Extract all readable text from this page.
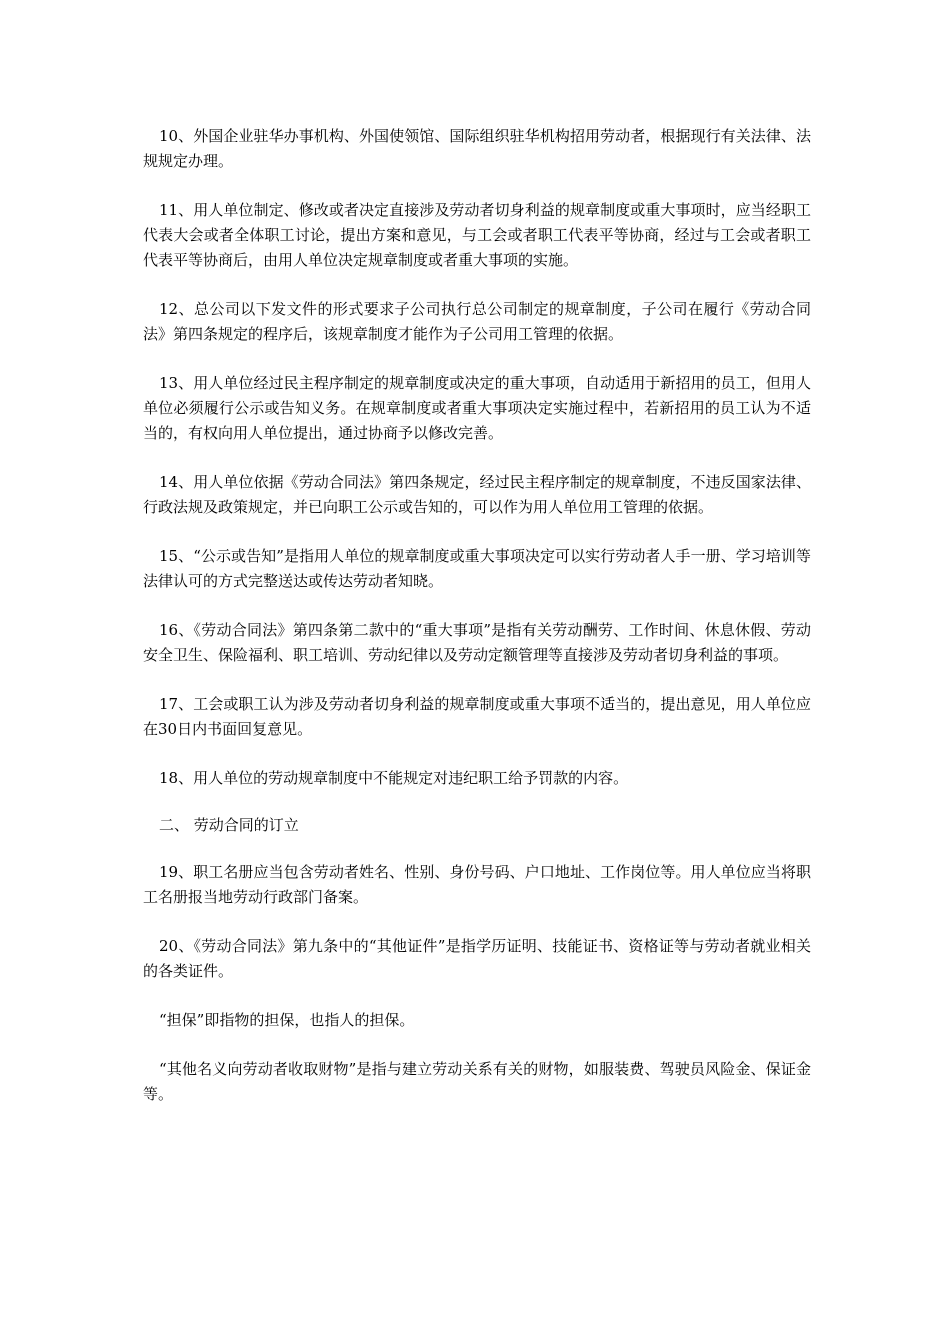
10、外国企业驻华办事机构、外国使领馆、国际组织驻华机构招用劳动者，根据现行有关法律、法规规定办理。

11、用人单位制定、修改或者决定直接涉及劳动者切身利益的规章制度或重大事项时，应当经职工代表大会或者全体职工讨论，提出方案和意见，与工会或者职工代表平等协商，经过与工会或者职工代表平等协商后，由用人单位决定规章制度或者重大事项的实施。

12、总公司以下发文件的形式要求子公司执行总公司制定的规章制度，子公司在履行《劳动合同法》第四条规定的程序后，该规章制度才能作为子公司用工管理的依据。

13、用人单位经过民主程序制定的规章制度或决定的重大事项，自动适用于新招用的员工，但用人单位必须履行公示或告知义务。在规章制度或者重大事项决定实施过程中，若新招用的员工认为不适当的，有权向用人单位提出，通过协商予以修改完善。

14、用人单位依据《劳动合同法》第四条规定，经过民主程序制定的规章制度，不违反国家法律、行政法规及政策规定，并已向职工公示或告知的，可以作为用人单位用工管理的依据。

15、“公示或告知”是指用人单位的规章制度或重大事项决定可以实行劳动者人手一册、学习培训等法律认可的方式完整送达或传达劳动者知晓。

16、《劳动合同法》第四条第二款中的“重大事项”是指有关劳动酬劳、工作时间、休息休假、劳动安全卫生、保险福利、职工培训、劳动纪律以及劳动定额管理等直接涉及劳动者切身利益的事项。

17、工会或职工认为涉及劳动者切身利益的规章制度或重大事项不适当的，提出意见，用人单位应在30日内书面回复意见。

18、用人单位的劳动规章制度中不能规定对违纪职工给予罚款的内容。

二、 劳动合同的订立

19、职工名册应当包含劳动者姓名、性别、身份号码、户口地址、工作岗位等。用人单位应当将职工名册报当地劳动行政部门备案。

20、《劳动合同法》第九条中的“其他证件”是指学历证明、技能证书、资格证等与劳动者就业相关的各类证件。

“担保”即指物的担保，也指人的担保。

“其他名义向劳动者收取财物”是指与建立劳动关系有关的财物，如服装费、驾驶员风险金、保证金等。
